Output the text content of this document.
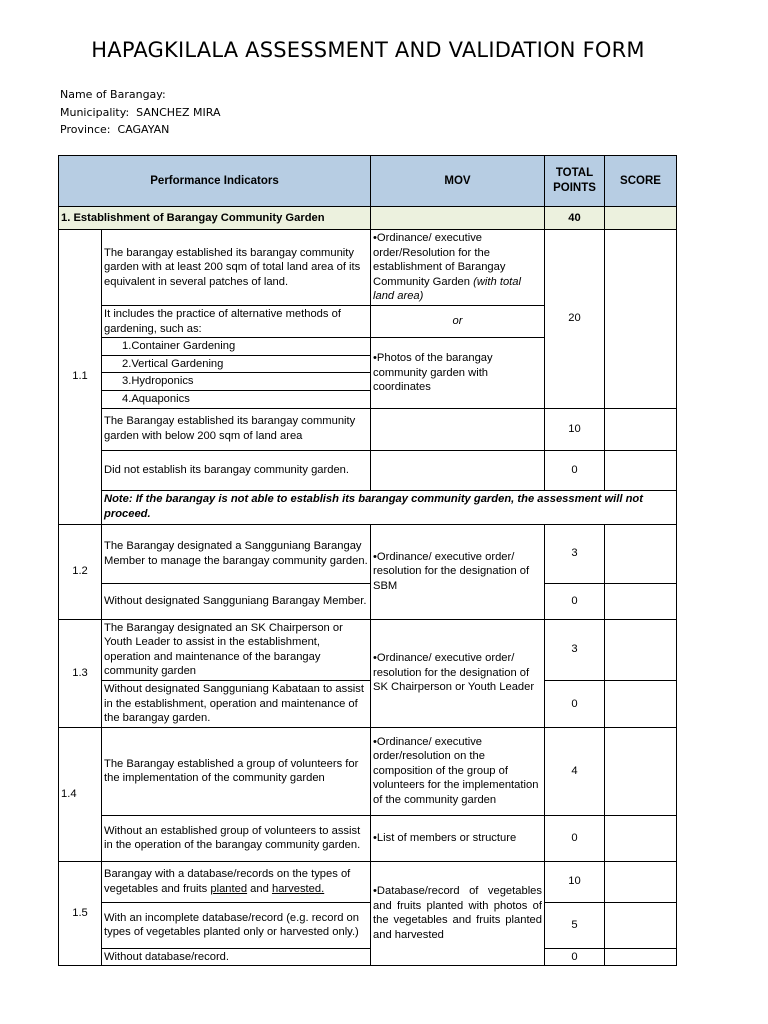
HAPAGKILALA ASSESSMENT AND VALIDATION FORM
Name of Barangay:
Municipality: SANCHEZ MIRA
Province: CAGAYAN
Performance Indicators		MOV	TOTAL POINTS	SCORE
1. Establishment of Barangay Community Garden			40	
1.1	The barangay established its barangay community garden with at least 200 sqm of total land area of its equivalent in several patches of land.	•Ordinance/ executive order/Resolution for the establishment of Barangay Community Garden (with total land area)	20	
	It includes the practice of alternative methods of gardening, such as:	or		
	1.Container Gardening	•Photos of the barangay community garden with coordinates		
	2.Vertical Gardening			
	3.Hydroponics			
	4.Aquaponics			
	The Barangay established its barangay community garden with below 200 sqm of land area		10	
	Did not establish its barangay community garden.		0	
	Note: If the barangay is not able to establish its barangay community garden, the assessment will not proceed.			
1.2	The Barangay designated a Sangguniang Barangay Member to manage the barangay community garden.	•Ordinance/ executive order/ resolution for the designation of SBM	3	
	Without designated Sangguniang Barangay Member.		0	
1.3	The Barangay designated an SK Chairperson or Youth Leader to assist in the establishment, operation and maintenance of the barangay community garden	•Ordinance/ executive order/ resolution for the designation of SK Chairperson or Youth Leader	3	
	Without designated Sangguniang Kabataan to assist in the establishment, operation and maintenance of the barangay garden.		0	
1.4	The Barangay established a group of volunteers for the implementation of the community garden	•Ordinance/ executive order/resolution on the composition of the group of volunteers for the implementation of the community garden	4	
	Without an established group of volunteers to assist in the operation of the barangay community garden.	•List of members or structure	0	
1.5	Barangay with a database/records on the types of vegetables and fruits planted and harvested.	•Database/record of vegetables and fruits planted with photos of the vegetables and fruits planted and harvested	10	
	With an incomplete database/record (e.g. record on types of vegetables planted only or harvested only.)		5	
	Without database/record.		0	
